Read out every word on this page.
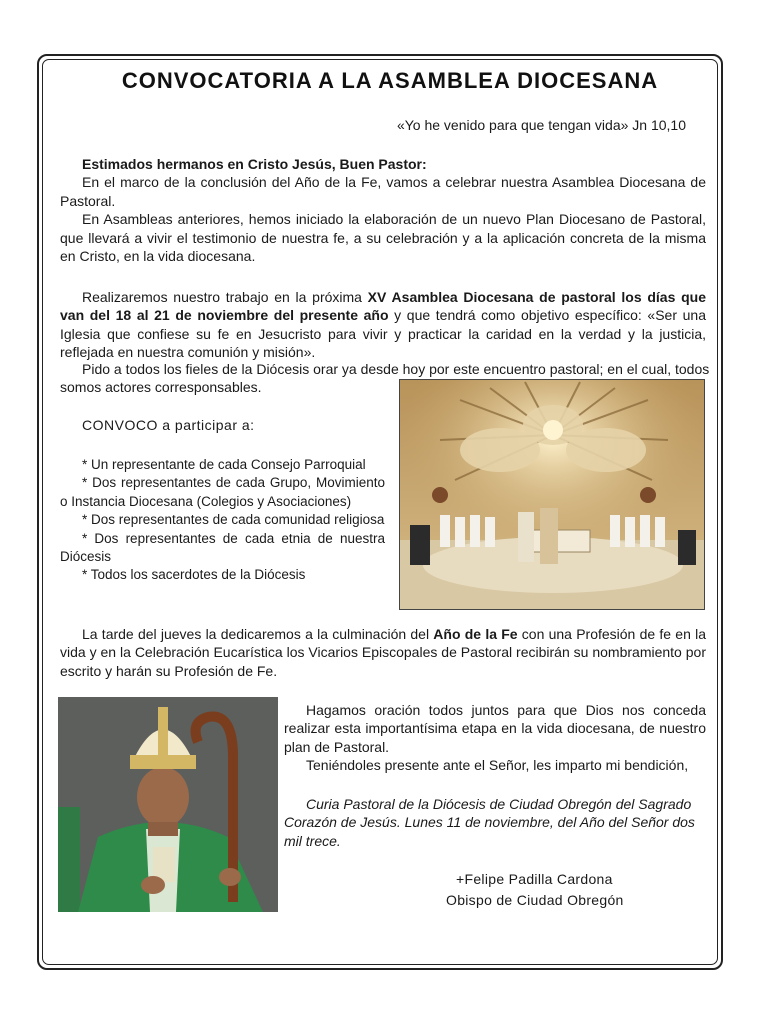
CONVOCATORIA A LA ASAMBLEA DIOCESANA
«Yo he venido para que tengan vida» Jn 10,10

Estimados hermanos en Cristo Jesús, Buen Pastor:

En el marco de la conclusión del Año de la Fe, vamos a celebrar nuestra Asamblea Diocesana de Pastoral.

En Asambleas anteriores, hemos iniciado la elaboración de un nuevo Plan Diocesano de Pastoral, que llevará a vivir el testimonio de nuestra fe, a su celebración y a la aplicación concreta de la misma en Cristo, en la vida diocesana.

Realizaremos nuestro trabajo en la próxima XV Asamblea Diocesana de pastoral los días que van del 18 al 21 de noviembre del presente año y que tendrá como objetivo específico: «Ser una Iglesia que confiese su fe en Jesucristo para vivir y practicar la caridad en la verdad y la justicia, reflejada en nuestra comunión y misión».

Pido a todos los fieles de la Diócesis orar ya desde hoy por este encuentro pastoral; en el cual, todos

somos actores corresponsables.

CONVOCO a participar a:

* Un representante de cada Consejo Parroquial

* Dos representantes de cada Grupo, Movimiento o Instancia Diocesana (Colegios y Asociaciones)

* Dos representantes de cada comunidad religiosa

* Dos representantes de cada etnia de nuestra Diócesis

* Todos los sacerdotes de la Diócesis

La tarde del jueves la dedicaremos a la culminación del Año de la Fe con una Profesión de fe en la vida y en la Celebración Eucarística los Vicarios Episcopales de Pastoral recibirán su nombramiento por escrito y harán su Profesión de Fe.

Hagamos oración todos juntos para que Dios nos conceda realizar esta importantísima etapa en la vida diocesana, de nuestro plan de Pastoral.

Teniéndoles presente ante el Señor, les imparto mi bendición,

Curia Pastoral de la Diócesis de Ciudad Obregón del Sagrado Corazón de Jesús. Lunes 11 de noviembre, del Año del Señor dos mil trece.

+Felipe Padilla Cardona
Obispo de Ciudad Obregón
